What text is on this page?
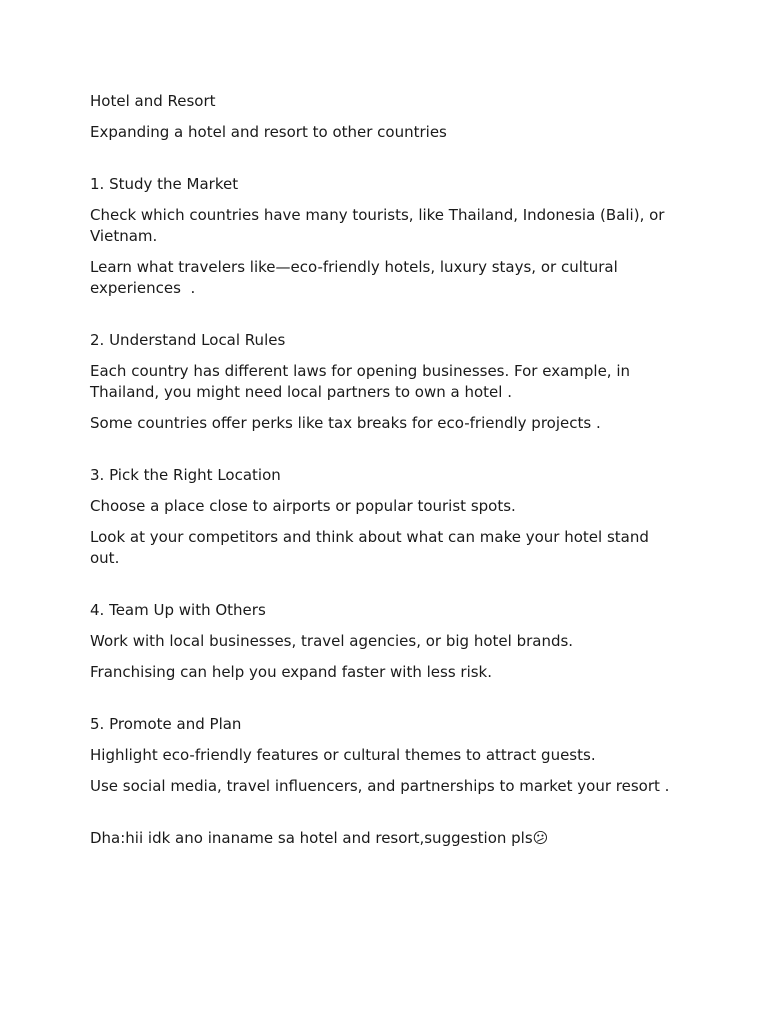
Hotel and Resort

Expanding a hotel and resort to other countries

1. Study the Market

Check which countries have many tourists, like Thailand, Indonesia (Bali), or Vietnam.

Learn what travelers like—eco-friendly hotels, luxury stays, or cultural experiences  .

2. Understand Local Rules

Each country has different laws for opening businesses. For example, in Thailand, you might need local partners to own a hotel .

Some countries offer perks like tax breaks for eco-friendly projects .

3. Pick the Right Location

Choose a place close to airports or popular tourist spots.

Look at your competitors and think about what can make your hotel stand out.

4. Team Up with Others

Work with local businesses, travel agencies, or big hotel brands.

Franchising can help you expand faster with less risk.

5. Promote and Plan

Highlight eco-friendly features or cultural themes to attract guests.

Use social media, travel influencers, and partnerships to market your resort .

Dha:hii idk ano inaname sa hotel and resort,suggestion pls😕
